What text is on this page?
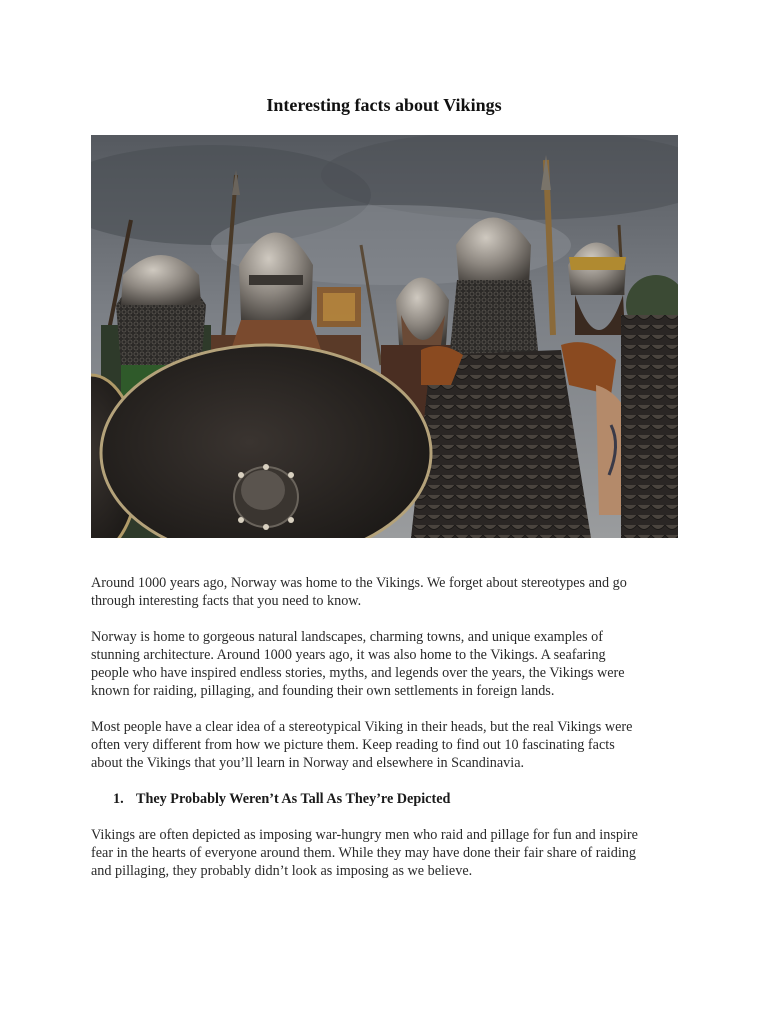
Interesting facts about Vikings

Around 1000 years ago, Norway was home to the Vikings. We forget about stereotypes and go
through interesting facts that you need to know.

Norway is home to gorgeous natural landscapes, charming towns, and unique examples of
stunning architecture. Around 1000 years ago, it was also home to the Vikings. A seafaring
people who have inspired endless stories, myths, and legends over the years, the Vikings were
known for raiding, pillaging, and founding their own settlements in foreign lands.

Most people have a clear idea of a stereotypical Viking in their heads, but the real Vikings were
often very different from how we picture them. Keep reading to find out 10 fascinating facts
about the Vikings that you’ll learn in Norway and elsewhere in Scandinavia.

1. They Probably Weren’t As Tall As They’re Depicted

Vikings are often depicted as imposing war-hungry men who raid and pillage for fun and inspire
fear in the hearts of everyone around them. While they may have done their fair share of raiding
and pillaging, they probably didn’t look as imposing as we believe.
